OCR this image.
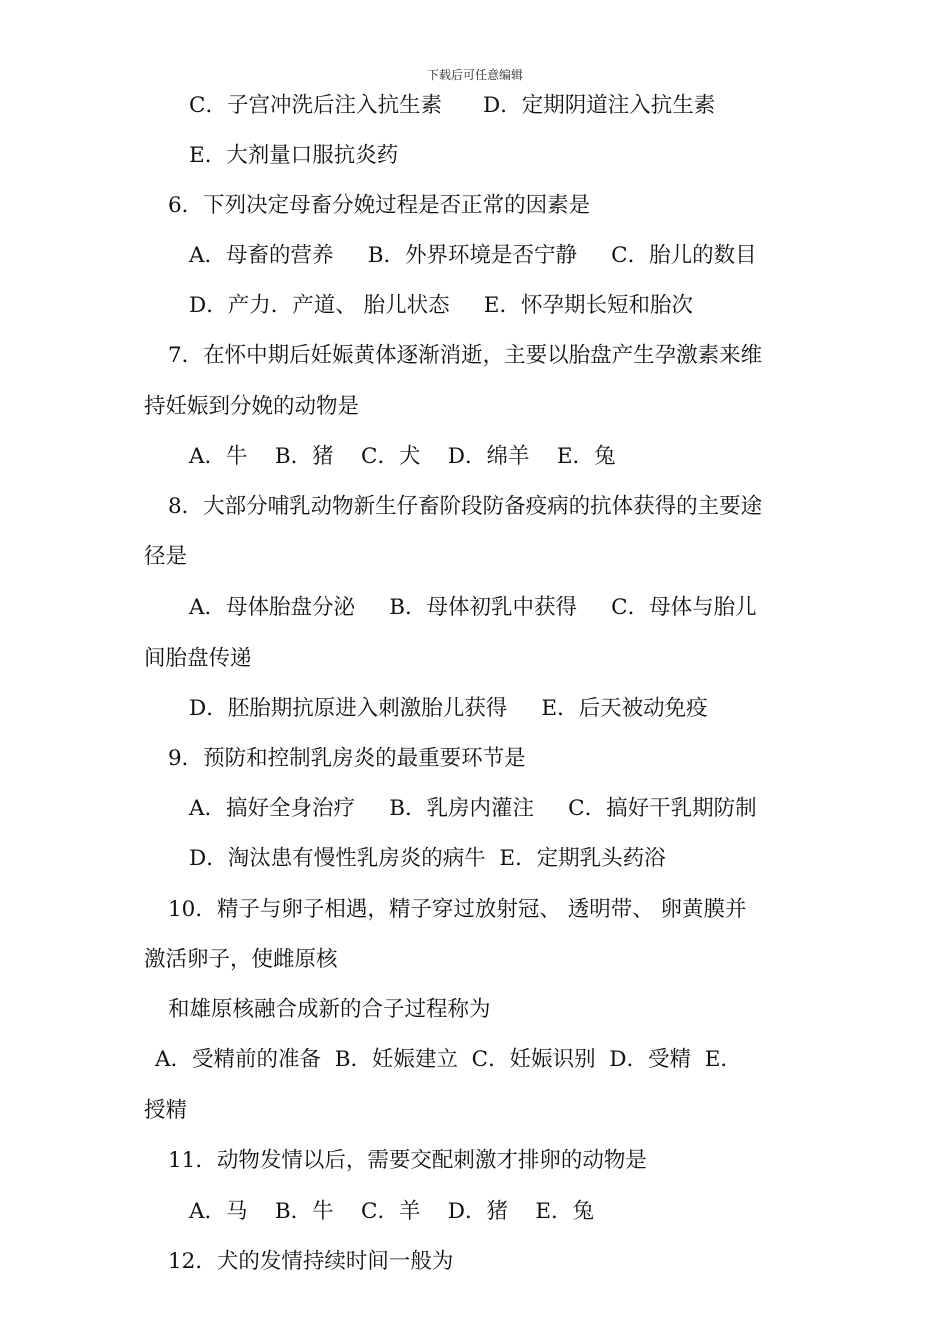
下载后可任意编辑
C．子宫冲洗后注入抗生素      D．定期阴道注入抗生素
E．大剂量口服抗炎药
6．下列决定母畜分娩过程是否正常的因素是
A．母畜的营养     B．外界环境是否宁静     C．胎儿的数目
D．产力．产道、 胎儿状态     E．怀孕期长短和胎次
7．在怀中期后妊娠黄体逐渐消逝，主要以胎盘产生孕激素来维
持妊娠到分娩的动物是
A．牛    B．猪    C．犬    D．绵羊    E．兔
8．大部分哺乳动物新生仔畜阶段防备疫病的抗体获得的主要途
径是
A．母体胎盘分泌     B．母体初乳中获得     C．母体与胎儿
间胎盘传递
D．胚胎期抗原进入刺激胎儿获得     E．后天被动免疫
9．预防和控制乳房炎的最重要环节是
A．搞好全身治疗     B．乳房内灌注     C．搞好干乳期防制
D．淘汰患有慢性乳房炎的病牛  E．定期乳头药浴
10．精子与卵子相遇，精子穿过放射冠、 透明带、 卵黄膜并
激活卵子，使雌原核
和雄原核融合成新的合子过程称为
A．受精前的准备  B．妊娠建立  C．妊娠识别  D．受精  E．
授精
11．动物发情以后，需要交配刺激才排卵的动物是
A．马    B．牛    C．羊    D．猪    E．兔
12．犬的发情持续时间一般为
